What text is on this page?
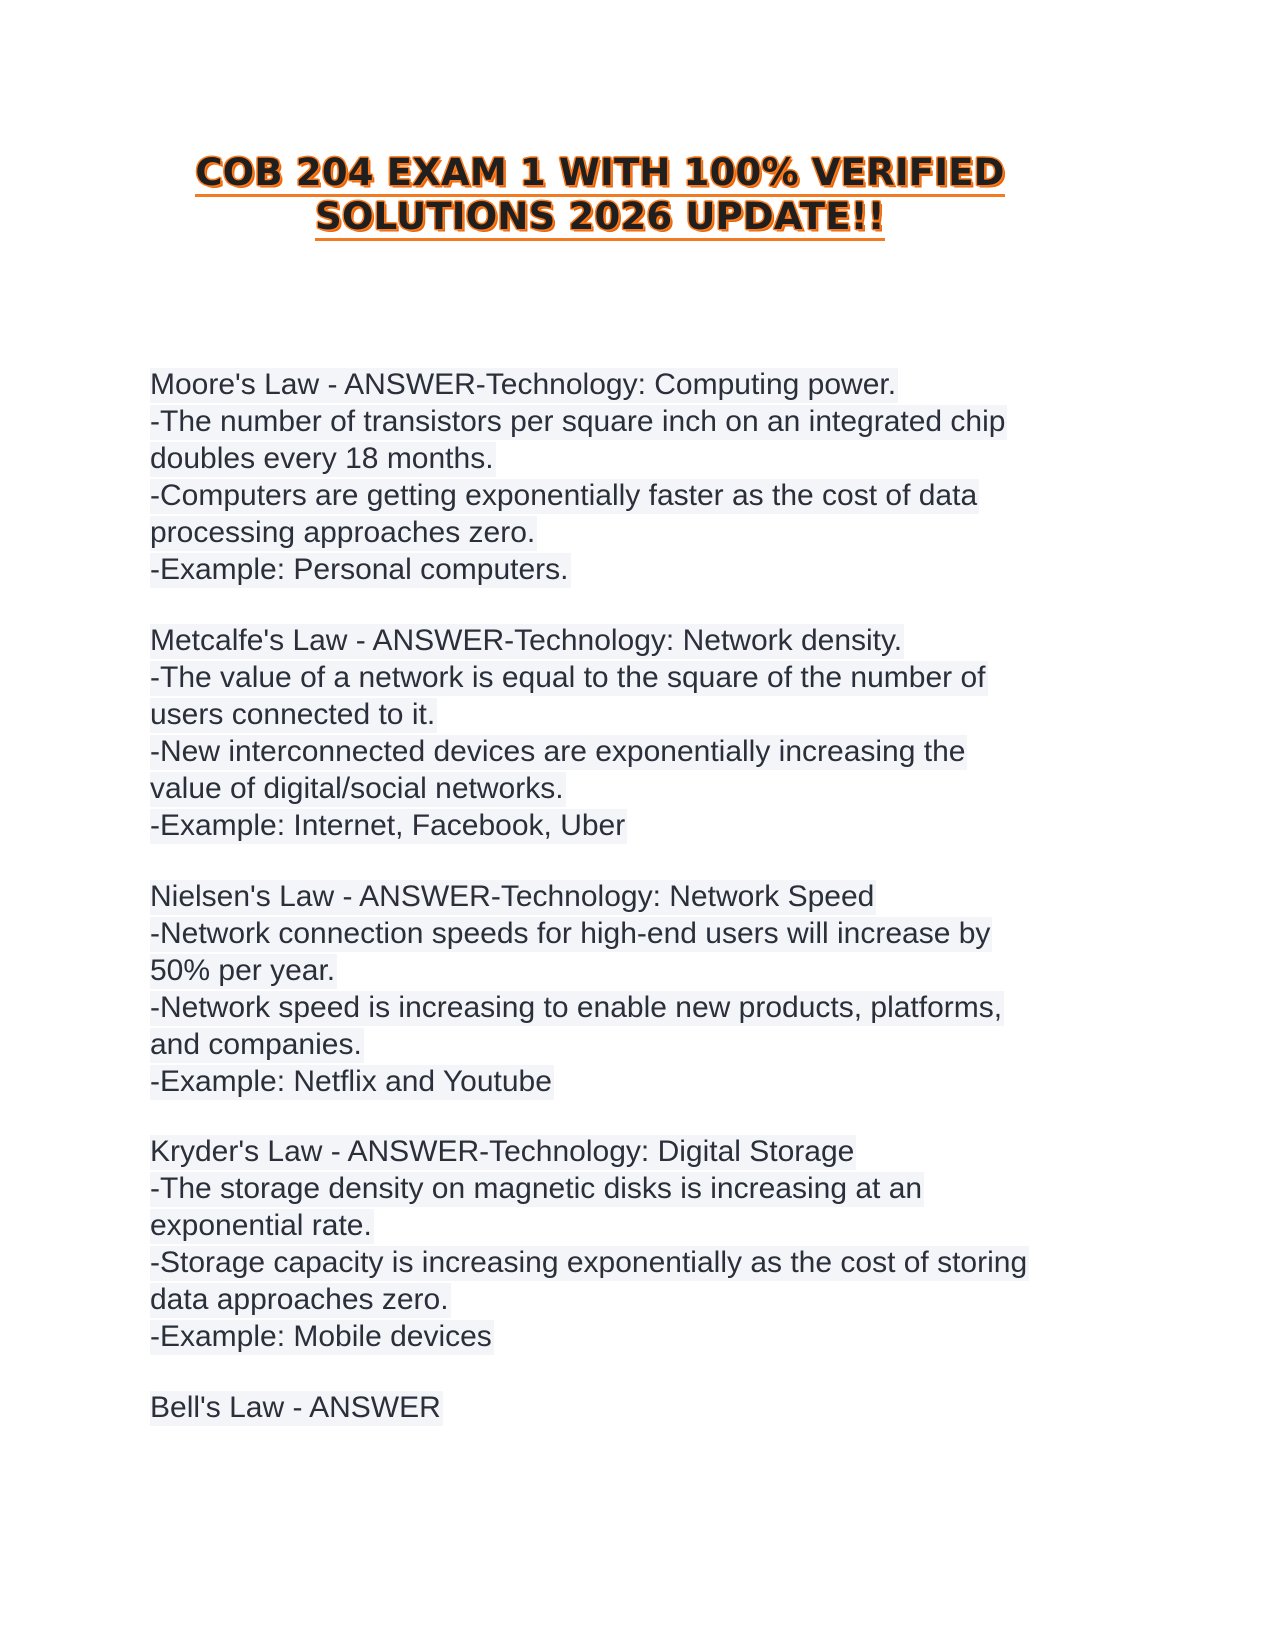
COB 204 EXAM 1 WITH 100% VERIFIED
SOLUTIONS 2026 UPDATE!!
Moore's Law - ANSWER-Technology: Computing power.
-The number of transistors per square inch on an integrated chip
doubles every 18 months.
-Computers are getting exponentially faster as the cost of data
processing approaches zero.
-Example: Personal computers.
Metcalfe's Law - ANSWER-Technology: Network density.
-The value of a network is equal to the square of the number of
users connected to it.
-New interconnected devices are exponentially increasing the
value of digital/social networks.
-Example: Internet, Facebook, Uber
Nielsen's Law - ANSWER-Technology: Network Speed
-Network connection speeds for high-end users will increase by
50% per year.
-Network speed is increasing to enable new products, platforms,
and companies.
-Example: Netflix and Youtube
Kryder's Law - ANSWER-Technology: Digital Storage
-The storage density on magnetic disks is increasing at an
exponential rate.
-Storage capacity is increasing exponentially as the cost of storing
data approaches zero.
-Example: Mobile devices
Bell's Law - ANSWER
